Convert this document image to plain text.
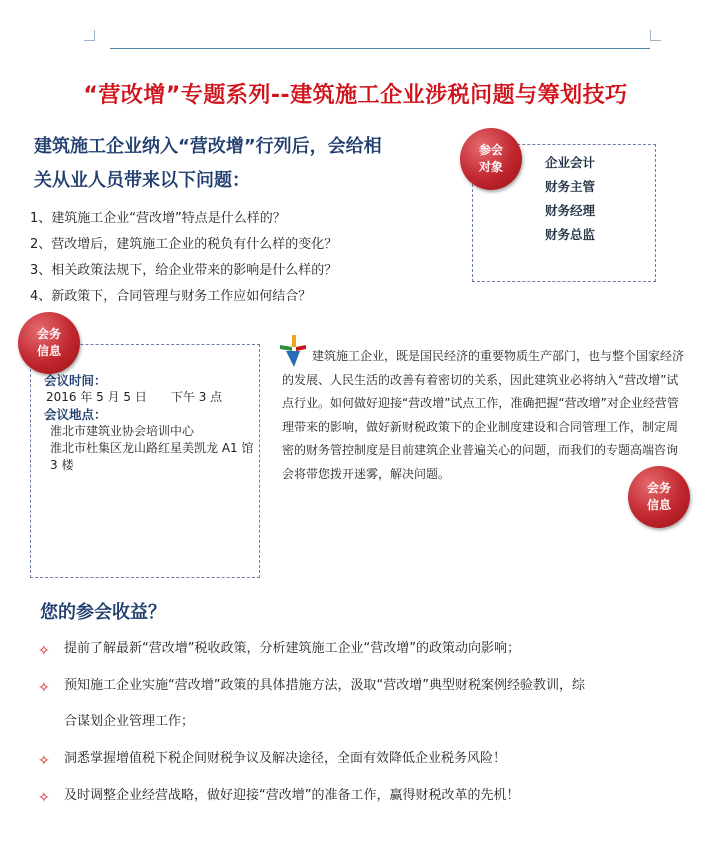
“营改增”专题系列--建筑施工企业涉税问题与筹划技巧
建筑施工企业纳入“营改增”行列后，会给相
关从业人员带来以下问题：
1、建筑施工企业“营改增”特点是什么样的？
2、营改增后，建筑施工企业的税负有什么样的变化？
3、相关政策法规下，给企业带来的影响是什么样的？
4、新政策下，合同管理与财务工作应如何结合？
参会
对象	企业会计
财务主管
财务经理
财务总监
会务
信息
会议时间：
2016 年 5 月 5 日　　下午 3 点
会议地点：
淮北市建筑业协会培训中心
淮北市杜集区龙山路红星美凯龙 A1 馆 3 楼
建筑施工企业，既是国民经济的重要物质生产部门，也与整个国家经济的发展、人民生活的改善有着密切的关系，因此建筑业必将纳入“营改增”试点行业。如何做好迎接“营改增”试点工作，准确把握“营改增”对企业经营管理带来的影响，做好新财税政策下的企业制度建设和合同管理工作，制定周密的财务管控制度是目前建筑企业普遍关心的问题，而我们的专题高端咨询会将带您拨开迷雾，解决问题。
会务
信息
您的参会收益？
✧ 提前了解最新“营改增”税收政策，分析建筑施工企业“营改增”的政策动向影响；
✧ 预知施工企业实施“营改增”政策的具体措施方法，汲取“营改增”典型财税案例经验教训，综
合谋划企业管理工作；
✧ 洞悉掌握增值税下税企间财税争议及解决途径，全面有效降低企业税务风险！
✧ 及时调整企业经营战略，做好迎接“营改增”的准备工作，赢得财税改革的先机！
